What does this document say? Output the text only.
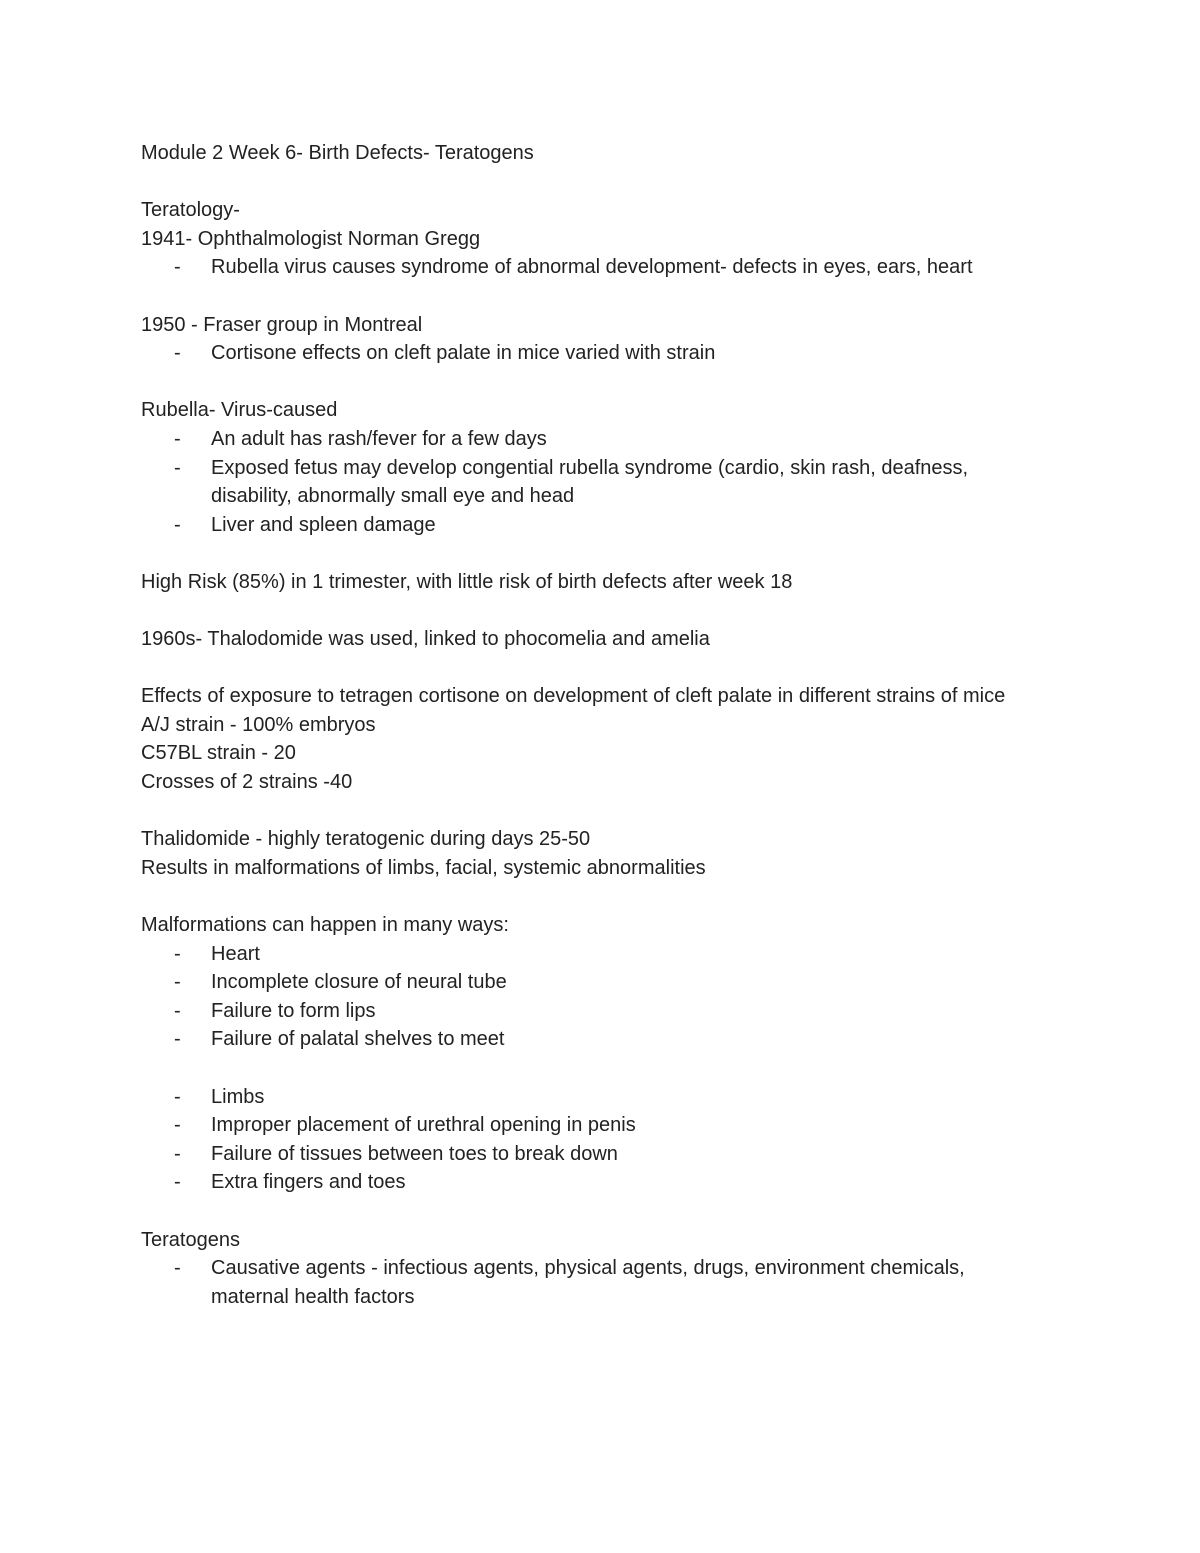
Module 2 Week 6- Birth Defects- Teratogens
Teratology-
1941- Ophthalmologist Norman Gregg
- Rubella virus causes syndrome of abnormal development- defects in eyes, ears, heart
1950 - Fraser group in Montreal
- Cortisone effects on cleft palate in mice varied with strain
Rubella- Virus-caused
- An adult has rash/fever for a few days
- Exposed fetus may develop congential rubella syndrome (cardio, skin rash, deafness, disability, abnormally small eye and head
- Liver and spleen damage
High Risk (85%) in 1 trimester, with little risk of birth defects after week 18
1960s- Thalodomide was used, linked to phocomelia and amelia
Effects of exposure to tetragen cortisone on development of cleft palate in different strains of mice
A/J strain - 100% embryos
C57BL strain - 20
Crosses of 2 strains -40
Thalidomide - highly teratogenic during days 25-50
Results in malformations of limbs, facial, systemic abnormalities
Malformations can happen in many ways:
- Heart
- Incomplete closure of neural tube
- Failure to form lips
- Failure of palatal shelves to meet
- Limbs
- Improper placement of urethral opening in penis
- Failure of tissues between toes to break down
- Extra fingers and toes
Teratogens
- Causative agents - infectious agents, physical agents, drugs, environment chemicals, maternal health factors
